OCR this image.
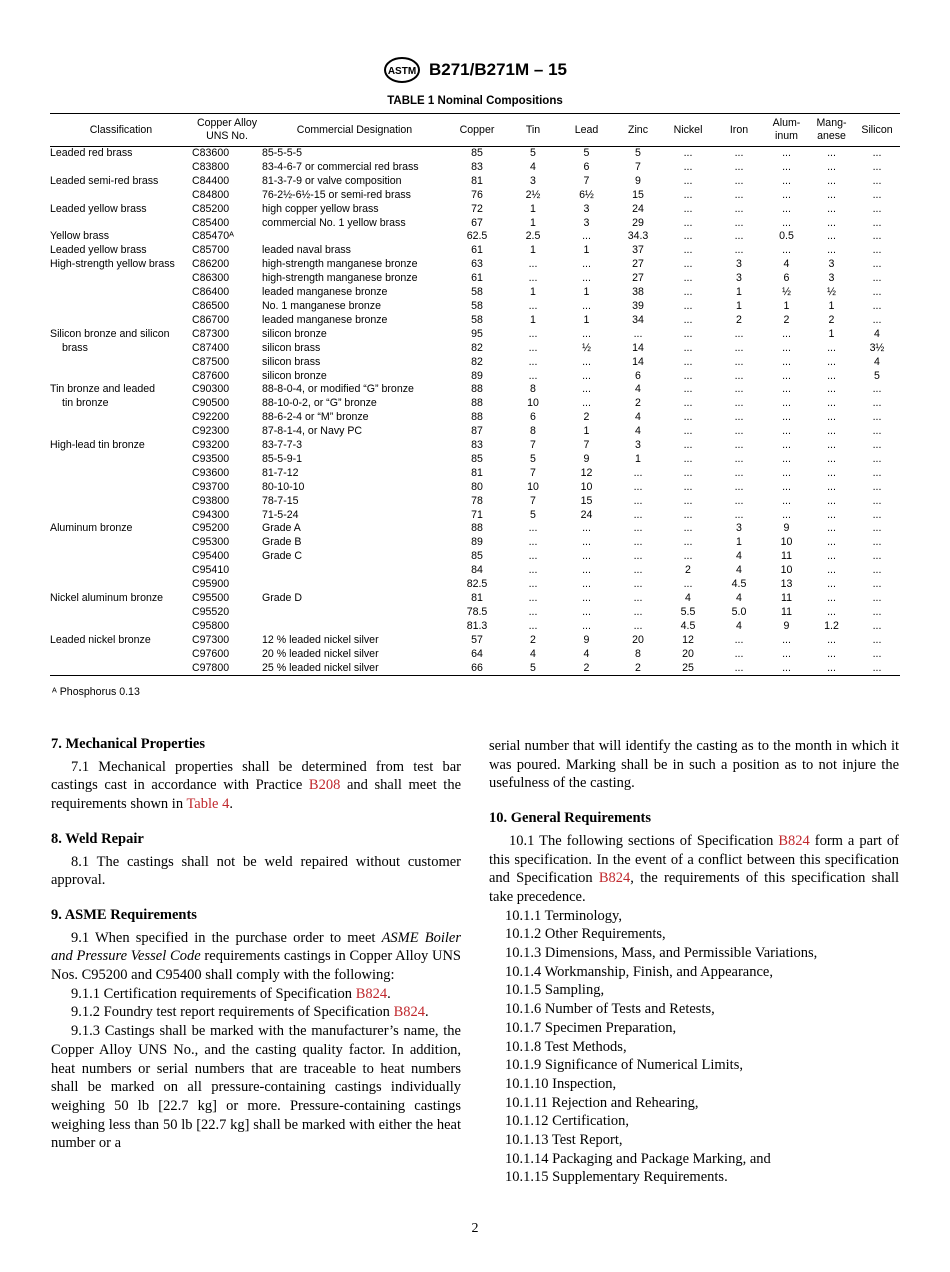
ASTM B271/B271M – 15
TABLE 1 Nominal Compositions
Classification	Copper Alloy UNS No.	Commercial Designation	Copper	Tin	Lead	Zinc	Nickel	Iron	Alum-inum	Mang-anese	Silicon
Leaded red brass	C83600	85-5-5-5	85	5	5	5	...	...	...	...	...
	C83800	83-4-6-7 or commercial red brass	83	4	6	7	...	...	...	...	...
Leaded semi-red brass	C84400	81-3-7-9 or valve composition	81	3	7	9	...	...	...	...	...
	C84800	76-2½-6½-15 or semi-red brass	76	2½	6½	15	...	...	...	...	...
Leaded yellow brass	C85200	high copper yellow brass	72	1	3	24	...	...	...	...	...
	C85400	commercial No. 1 yellow brass	67	1	3	29	...	...	...	...	...
Yellow brass	C85470ᴬ		62.5	2.5	...	34.3	...	...	0.5	...	...
Leaded yellow brass	C85700	leaded naval brass	61	1	1	37	...	...	...	...	...
High-strength yellow brass	C86200	high-strength manganese bronze	63	...	...	27	...	3	4	3	...
	C86300	high-strength manganese bronze	61	...	...	27	...	3	6	3	...
	C86400	leaded manganese bronze	58	1	1	38	...	1	½	½	...
	C86500	No. 1 manganese bronze	58	...	...	39	...	1	1	1	...
	C86700	leaded manganese bronze	58	1	1	34	...	2	2	2	...
Silicon bronze and silicon	C87300	silicon bronze	95	...	...	...	...	...	...	1	4
brass	C87400	silicon brass	82	...	½	14	...	...	...	...	3½
	C87500	silicon brass	82	...	...	14	...	...	...	...	4
	C87600	silicon bronze	89	...	...	6	...	...	...	...	5
Tin bronze and leaded	C90300	88-8-0-4, or modified “G” bronze	88	8	...	4	...	...	...	...	...
tin bronze	C90500	88-10-0-2, or “G” bronze	88	10	...	2	...	...	...	...	...
	C92200	88-6-2-4 or “M” bronze	88	6	2	4	...	...	...	...	...
	C92300	87-8-1-4, or Navy PC	87	8	1	4	...	...	...	...	...
High-lead tin bronze	C93200	83-7-7-3	83	7	7	3	...	...	...	...	...
	C93500	85-5-9-1	85	5	9	1	...	...	...	...	...
	C93600	81-7-12	81	7	12	...	...	...	...	...	...
	C93700	80-10-10	80	10	10	...	...	...	...	...	...
	C93800	78-7-15	78	7	15	...	...	...	...	...	...
	C94300	71-5-24	71	5	24	...	...	...	...	...	...
Aluminum bronze	C95200	Grade A	88	...	...	...	...	3	9	...	...
	C95300	Grade B	89	...	...	...	...	1	10	...	...
	C95400	Grade C	85	...	...	...	...	4	11	...	...
	C95410		84	...	...	...	2	4	10	...	...
	C95900		82.5	...	...	...	...	4.5	13	...	...
Nickel aluminum bronze	C95500	Grade D	81	...	...	...	4	4	11	...	...
	C95520		78.5	...	...	...	5.5	5.0	11	...	...
	C95800		81.3	...	...	...	4.5	4	9	1.2	...
Leaded nickel bronze	C97300	12 % leaded nickel silver	57	2	9	20	12	...	...	...	...
	C97600	20 % leaded nickel silver	64	4	4	8	20	...	...	...	...
	C97800	25 % leaded nickel silver	66	5	2	2	25	...	...	...	...
ᴬ Phosphorus 0.13
7. Mechanical Properties

7.1 Mechanical properties shall be determined from test bar castings cast in accordance with Practice B208 and shall meet the requirements shown in Table 4.

8. Weld Repair

8.1 The castings shall not be weld repaired without customer approval.

9. ASME Requirements

9.1 When specified in the purchase order to meet ASME Boiler and Pressure Vessel Code requirements castings in Copper Alloy UNS Nos. C95200 and C95400 shall comply with the following:

9.1.1 Certification requirements of Specification B824.

9.1.2 Foundry test report requirements of Specification B824.

9.1.3 Castings shall be marked with the manufacturer’s name, the Copper Alloy UNS No., and the casting quality factor. In addition, heat numbers or serial numbers that are traceable to heat numbers shall be marked on all pressure-containing castings individually weighing 50 lb [22.7 kg] or more. Pressure-containing castings weighing less than 50 lb [22.7 kg] shall be marked with either the heat number or a

serial number that will identify the casting as to the month in which it was poured. Marking shall be in such a position as to not injure the usefulness of the casting.

10. General Requirements

10.1 The following sections of Specification B824 form a part of this specification. In the event of a conflict between this specification and Specification B824, the requirements of this specification shall take precedence.

10.1.1 Terminology,
10.1.2 Other Requirements,
10.1.3 Dimensions, Mass, and Permissible Variations,
10.1.4 Workmanship, Finish, and Appearance,
10.1.5 Sampling,
10.1.6 Number of Tests and Retests,
10.1.7 Specimen Preparation,
10.1.8 Test Methods,
10.1.9 Significance of Numerical Limits,
10.1.10 Inspection,
10.1.11 Rejection and Rehearing,
10.1.12 Certification,
10.1.13 Test Report,
10.1.14 Packaging and Package Marking, and
10.1.15 Supplementary Requirements.
2
